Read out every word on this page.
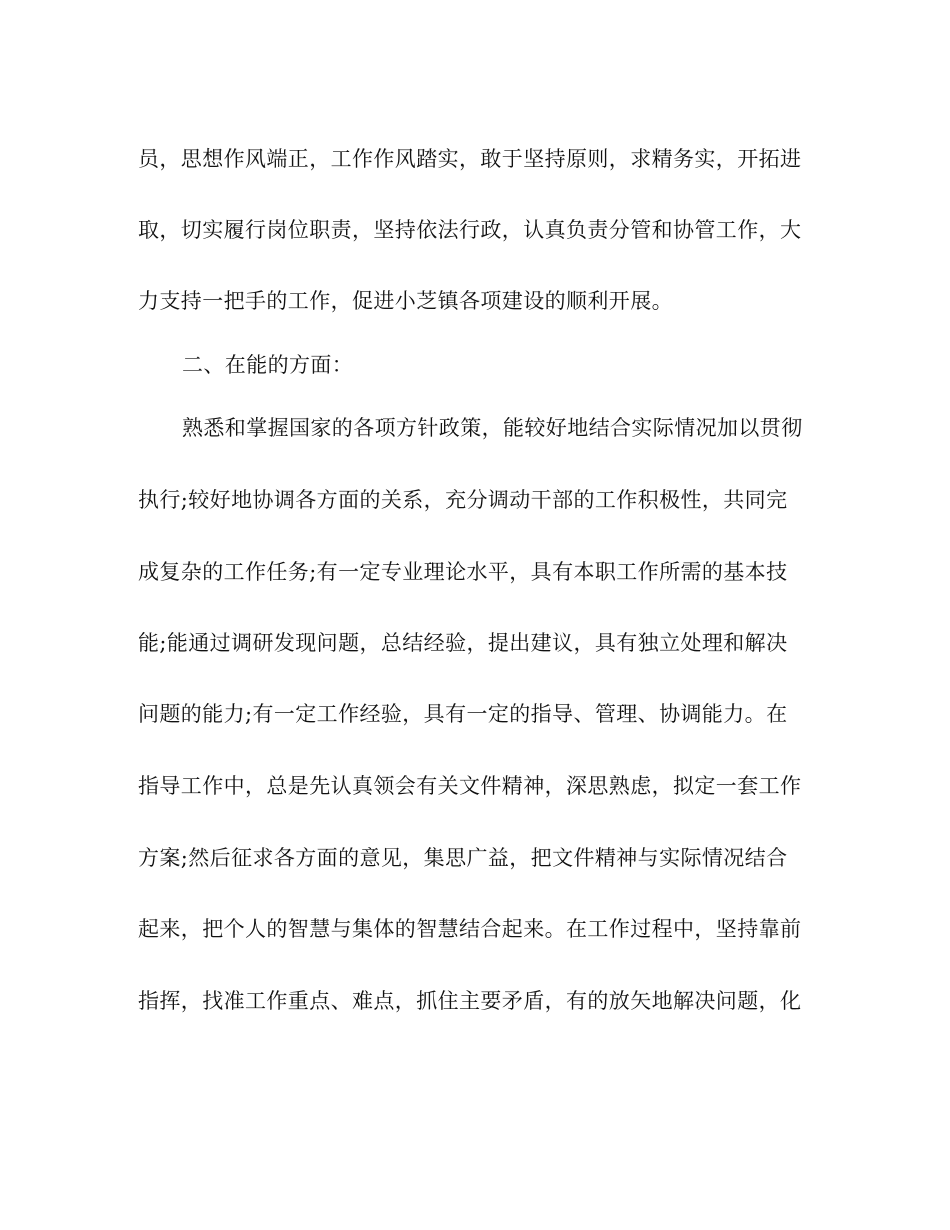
员，思想作风端正，工作作风踏实，敢于坚持原则，求精务实，开拓进
取，切实履行岗位职责，坚持依法行政，认真负责分管和协管工作，大
力支持一把手的工作，促进小芝镇各项建设的顺利开展。
二、在能的方面：
熟悉和掌握国家的各项方针政策，能较好地结合实际情况加以贯彻
执行;较好地协调各方面的关系，充分调动干部的工作积极性，共同完
成复杂的工作任务;有一定专业理论水平，具有本职工作所需的基本技
能;能通过调研发现问题，总结经验，提出建议，具有独立处理和解决
问题的能力;有一定工作经验，具有一定的指导、管理、协调能力。在
指导工作中，总是先认真领会有关文件精神，深思熟虑，拟定一套工作
方案;然后征求各方面的意见，集思广益，把文件精神与实际情况结合
起来，把个人的智慧与集体的智慧结合起来。在工作过程中，坚持靠前
指挥，找准工作重点、难点，抓住主要矛盾，有的放矢地解决问题，化
